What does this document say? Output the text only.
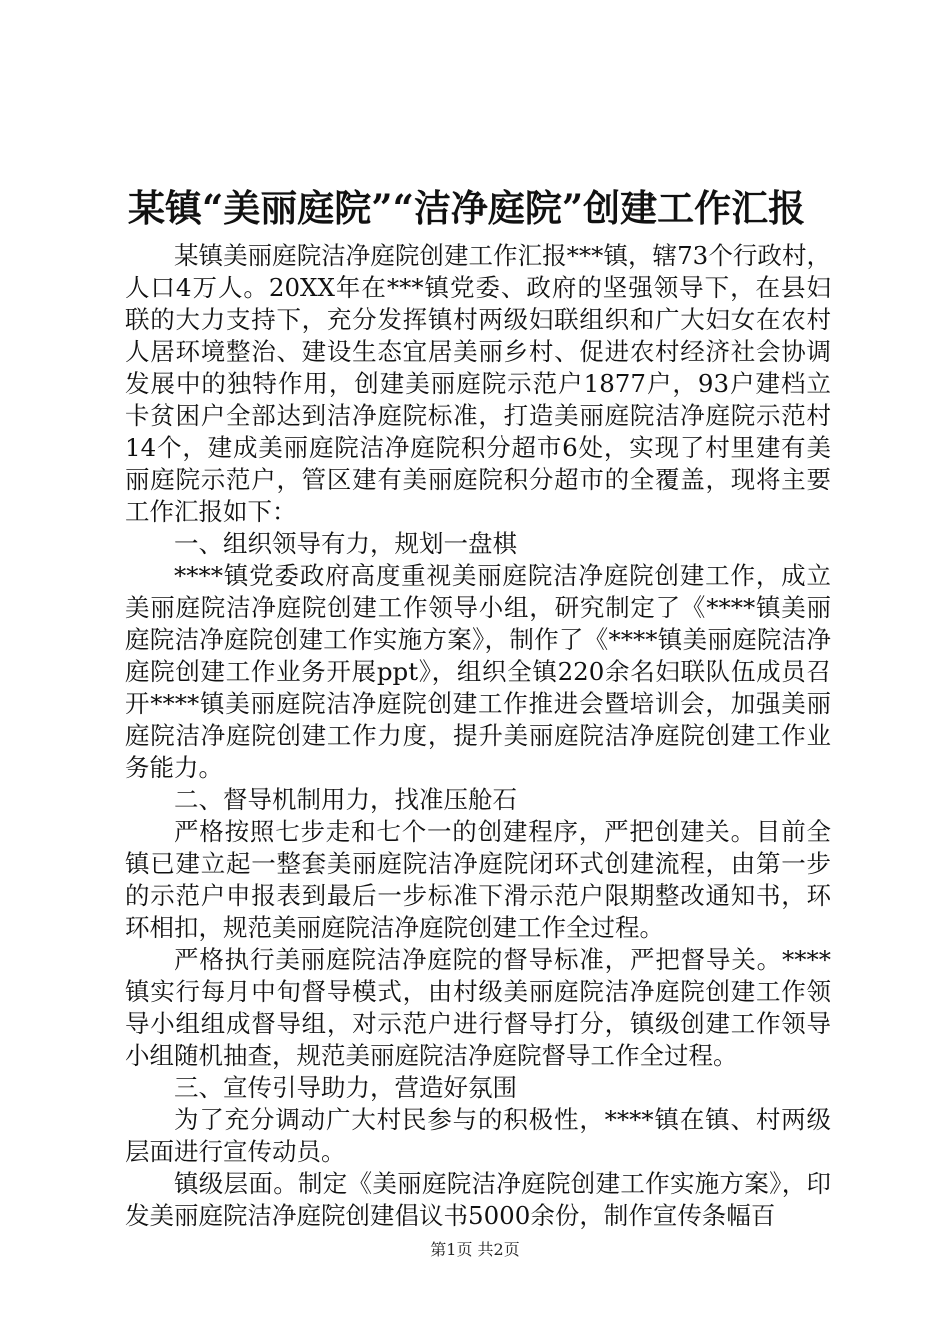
某镇“美丽庭院”“洁净庭院”创建工作汇报

某镇美丽庭院洁净庭院创建工作汇报***镇，辖73个行政村，人口4万人。20XX年在***镇党委、政府的坚强领导下，在县妇联的大力支持下，充分发挥镇村两级妇联组织和广大妇女在农村人居环境整治、建设生态宜居美丽乡村、促进农村经济社会协调发展中的独特作用，创建美丽庭院示范户1877户，93户建档立卡贫困户全部达到洁净庭院标准，打造美丽庭院洁净庭院示范村14个，建成美丽庭院洁净庭院积分超市6处，实现了村里建有美丽庭院示范户，管区建有美丽庭院积分超市的全覆盖，现将主要工作汇报如下：

一、组织领导有力，规划一盘棋

****镇党委政府高度重视美丽庭院洁净庭院创建工作，成立美丽庭院洁净庭院创建工作领导小组，研究制定了《****镇美丽庭院洁净庭院创建工作实施方案》，制作了《****镇美丽庭院洁净庭院创建工作业务开展ppt》，组织全镇220余名妇联队伍成员召开****镇美丽庭院洁净庭院创建工作推进会暨培训会，加强美丽庭院洁净庭院创建工作力度，提升美丽庭院洁净庭院创建工作业务能力。

二、督导机制用力，找准压舱石

严格按照七步走和七个一的创建程序，严把创建关。目前全镇已建立起一整套美丽庭院洁净庭院闭环式创建流程，由第一步的示范户申报表到最后一步标准下滑示范户限期整改通知书，环环相扣，规范美丽庭院洁净庭院创建工作全过程。

严格执行美丽庭院洁净庭院的督导标准，严把督导关。****镇实行每月中旬督导模式，由村级美丽庭院洁净庭院创建工作领导小组组成督导组，对示范户进行督导打分，镇级创建工作领导小组随机抽查，规范美丽庭院洁净庭院督导工作全过程。

三、宣传引导助力，营造好氛围

为了充分调动广大村民参与的积极性，****镇在镇、村两级层面进行宣传动员。

镇级层面。制定《美丽庭院洁净庭院创建工作实施方案》，印发美丽庭院洁净庭院创建倡议书5000余份，制作宣传条幅百

第1页 共2页
